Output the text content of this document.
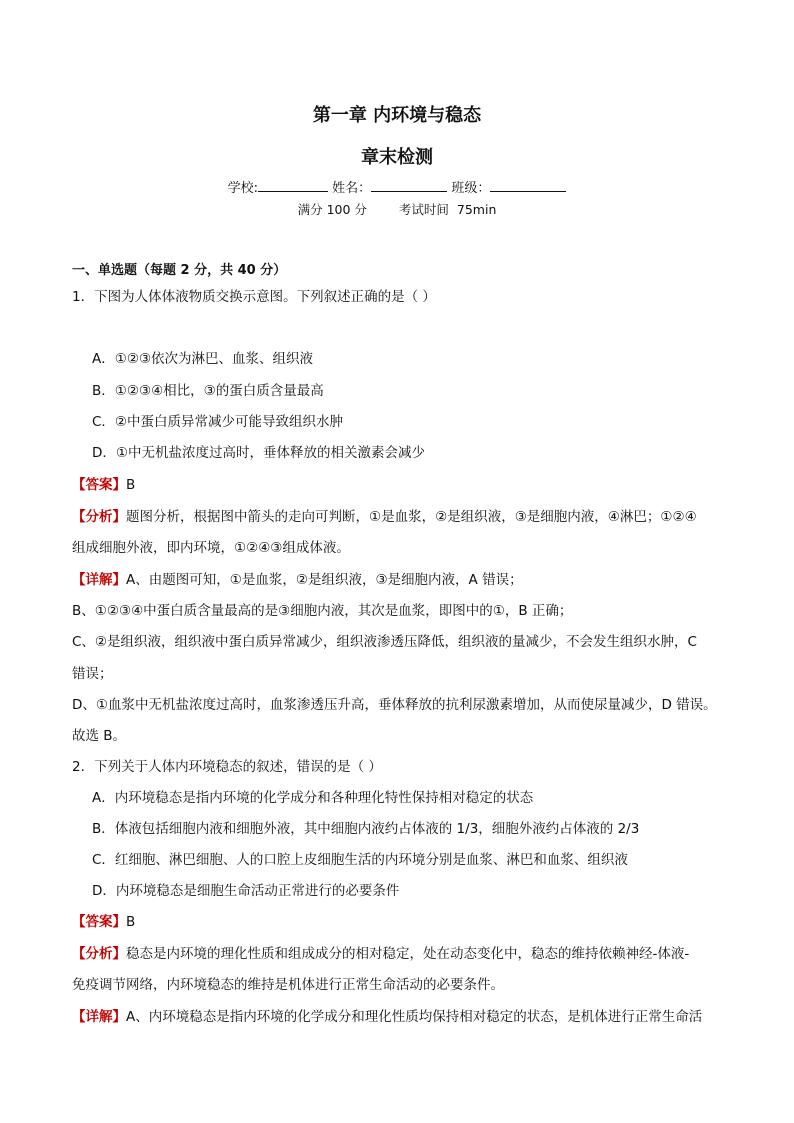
第一章 内环境与稳态
章末检测
学校:	姓名：	班级：
满分 100 分	考试时间 75min
一、单选题（每题 2 分，共 40 分）
1．下图为人体体液物质交换示意图。下列叙述正确的是（ ）
A．①②③依次为淋巴、血浆、组织液
B．①②③④相比，③的蛋白质含量最高
C．②中蛋白质异常减少可能导致组织水肿
D．①中无机盐浓度过高时，垂体释放的相关激素会减少
【答案】B
【分析】题图分析，根据图中箭头的走向可判断，①是血浆，②是组织液，③是细胞内液，④淋巴；①②④
组成细胞外液，即内环境，①②④③组成体液。
【详解】A、由题图可知，①是血浆，②是组织液，③是细胞内液，A 错误；
B、①②③④中蛋白质含量最高的是③细胞内液，其次是血浆，即图中的①，B 正确；
C、②是组织液，组织液中蛋白质异常减少，组织液渗透压降低，组织液的量减少，不会发生组织水肿，C
错误；
D、①血浆中无机盐浓度过高时，血浆渗透压升高，垂体释放的抗利尿激素增加，从而使尿量减少，D 错误。
故选 B。
2．下列关于人体内环境稳态的叙述，错误的是（ ）
A．内环境稳态是指内环境的化学成分和各种理化特性保持相对稳定的状态
B．体液包括细胞内液和细胞外液，其中细胞内液约占体液的 1/3，细胞外液约占体液的 2/3
C．红细胞、淋巴细胞、人的口腔上皮细胞生活的内环境分别是血浆、淋巴和血浆、组织液
D．内环境稳态是细胞生命活动正常进行的必要条件
【答案】B
【分析】稳态是内环境的理化性质和组成成分的相对稳定，处在动态变化中，稳态的维持依赖神经-体液-
免疫调节网络，内环境稳态的维持是机体进行正常生命活动的必要条件。
【详解】A、内环境稳态是指内环境的化学成分和理化性质均保持相对稳定的状态，是机体进行正常生命活
